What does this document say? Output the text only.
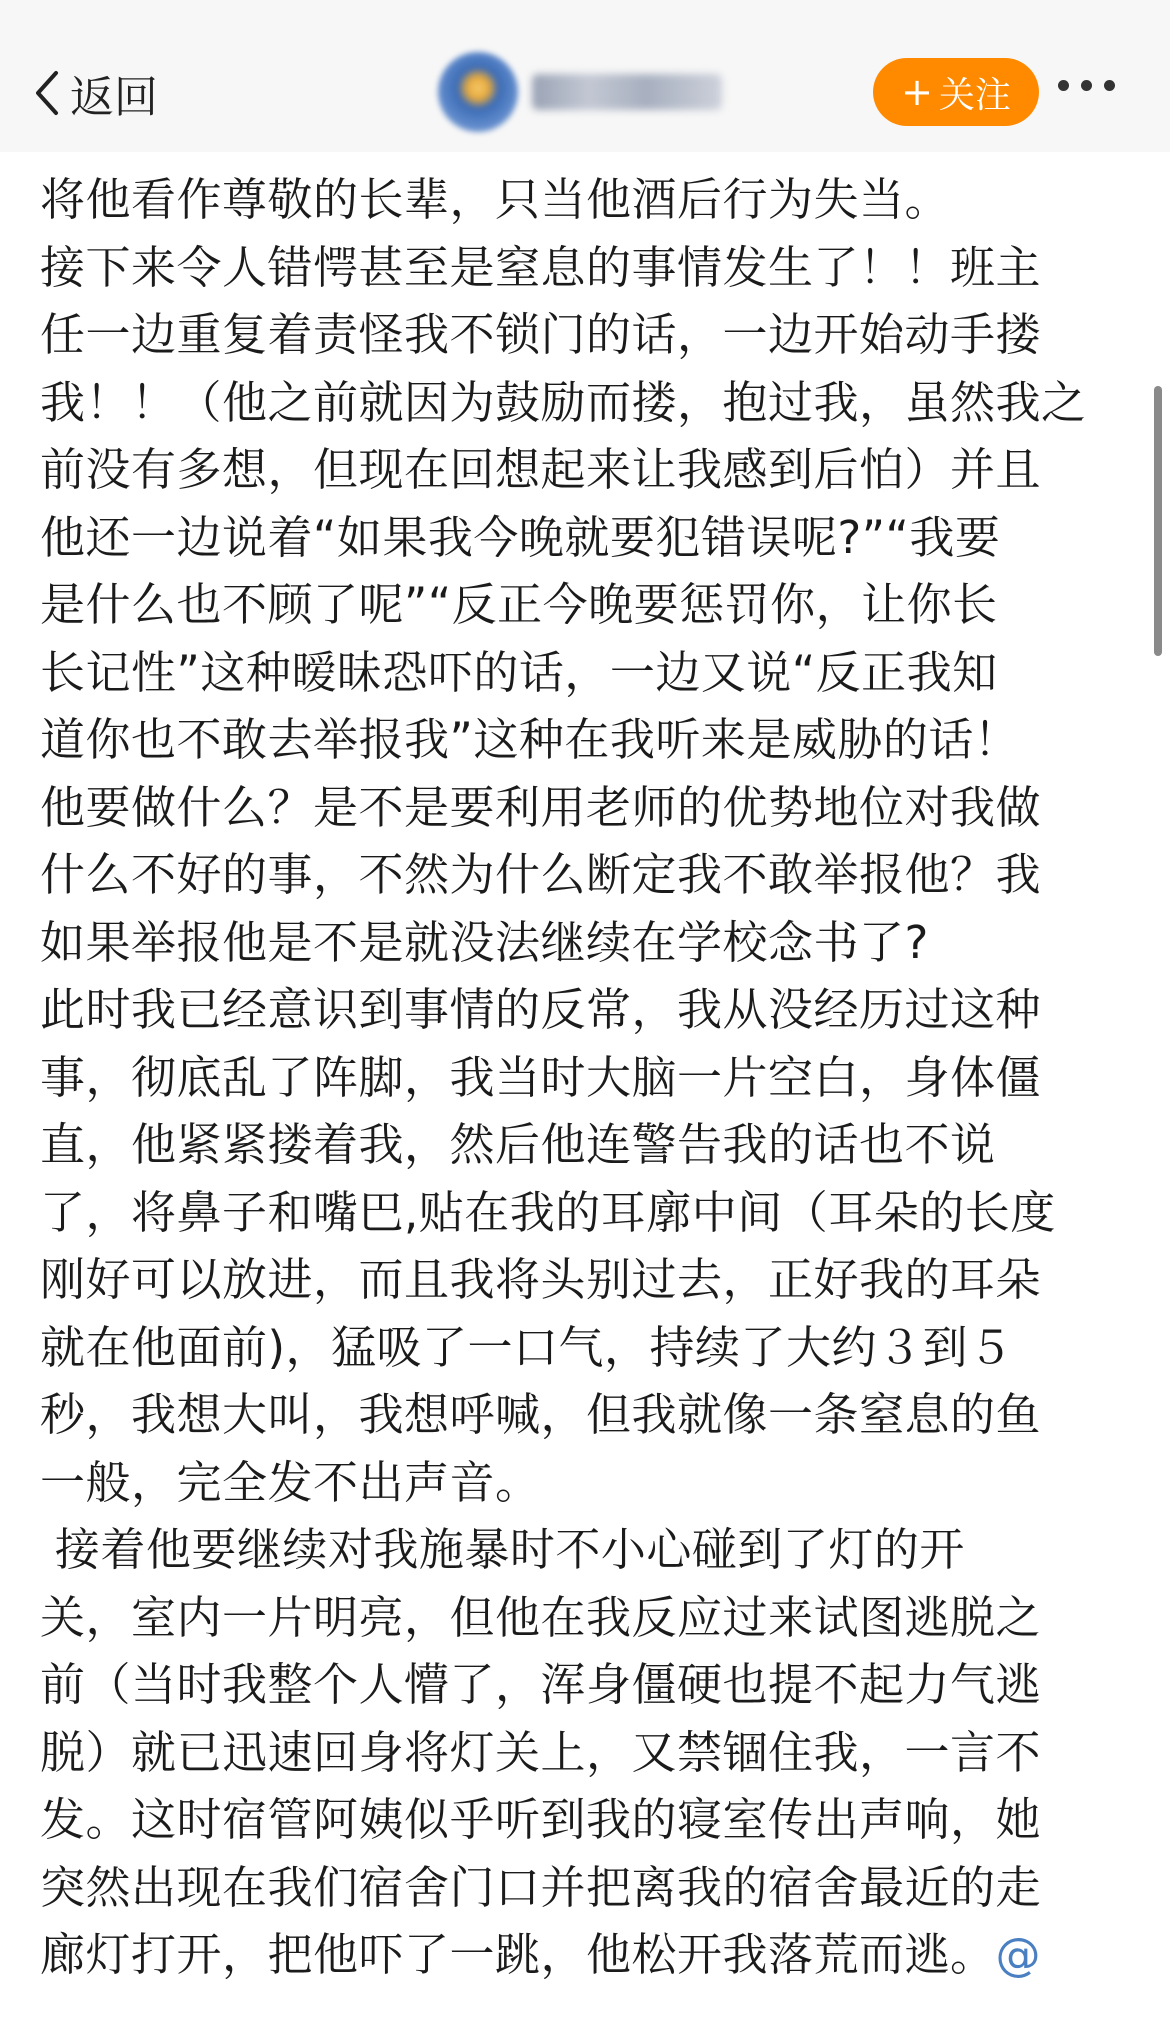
返回	+ 关注

将他看作尊敬的长辈，只当他酒后行为失当。

接下来令人错愕甚至是窒息的事情发生了！！班主

任一边重复着责怪我不锁门的话，一边开始动手搂

我！！（他之前就因为鼓励而搂，抱过我，虽然我之

前没有多想，但现在回想起来让我感到后怕）并且

他还一边说着“如果我今晚就要犯错误呢?”“我要

是什么也不顾了呢”“反正今晚要惩罚你，让你长

长记性”这种暧昧恐吓的话，一边又说“反正我知

道你也不敢去举报我”这种在我听来是威胁的话！

他要做什么？是不是要利用老师的优势地位对我做

什么不好的事，不然为什么断定我不敢举报他？我

如果举报他是不是就没法继续在学校念书了?

此时我已经意识到事情的反常，我从没经历过这种

事，彻底乱了阵脚，我当时大脑一片空白，身体僵

直，他紧紧搂着我，然后他连警告我的话也不说

了，将鼻子和嘴巴,贴在我的耳廓中间（耳朵的长度

刚好可以放进，而且我将头别过去，正好我的耳朵

就在他面前)，猛吸了一口气，持续了大约３到５

秒，我想大叫，我想呼喊，但我就像一条窒息的鱼

一般，完全发不出声音。

接着他要继续对我施暴时不小心碰到了灯的开

关，室内一片明亮，但他在我反应过来试图逃脱之

前（当时我整个人懵了，浑身僵硬也提不起力气逃

脱）就已迅速回身将灯关上，又禁锢住我，一言不

发。这时宿管阿姨似乎听到我的寝室传出声响，她

突然出现在我们宿舍门口并把离我的宿舍最近的走

廊灯打开，把他吓了一跳，他松开我落荒而逃。@
